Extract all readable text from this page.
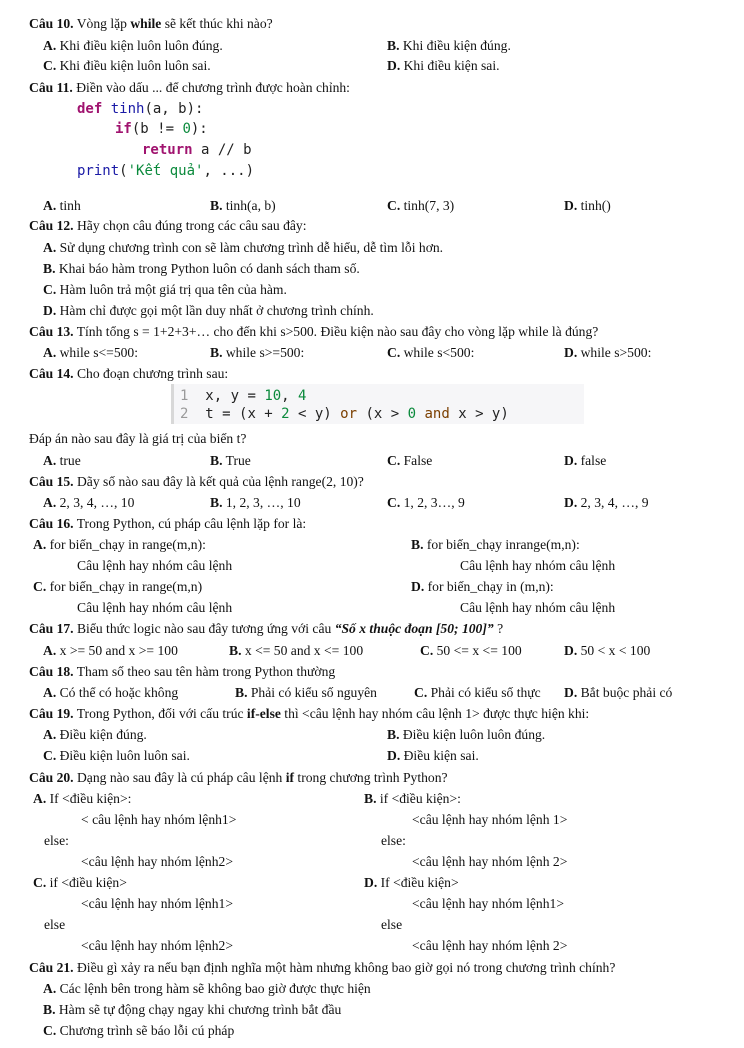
Câu 10. Vòng lặp while sẽ kết thúc khi nào?
A. Khi điều kiện luôn luôn đúng.	B. Khi điều kiện đúng.
C. Khi điều kiện luôn luôn sai.	D. Khi điều kiện sai.
Câu 11. Điền vào dấu ... để chương trình được hoàn chỉnh:
def tinh(a, b):
if(b != 0):
return a // b
print('Kết quả', ...)
A. tinh	B. tinh(a, b)	C. tinh(7, 3)	D. tinh()
Câu 12. Hãy chọn câu đúng trong các câu sau đây:
A. Sử dụng chương trình con sẽ làm chương trình dễ hiểu, dễ tìm lỗi hơn.
B. Khai báo hàm trong Python luôn có danh sách tham số.
C. Hàm luôn trả một giá trị qua tên của hàm.
D. Hàm chỉ được gọi một lần duy nhất ở chương trình chính.
Câu 13. Tính tổng s = 1+2+3+… cho đến khi s>500. Điều kiện nào sau đây cho vòng lặp while là đúng?
A. while s<=500:	B. while s>=500:	C. while s<500:	D. while s>500:
Câu 14. Cho đoạn chương trình sau:
1  x, y = 10, 4
2  t = (x + 2 < y) or (x > 0 and x > y)
Đáp án nào sau đây là giá trị của biến t?
A. true	B. True	C. False	D. false
Câu 15. Dãy số nào sau đây là kết quả của lệnh range(2, 10)?
A. 2, 3, 4, …, 10	B. 1, 2, 3, …, 10	C. 1, 2, 3…, 9	D. 2, 3, 4, …, 9
Câu 16. Trong Python, cú pháp câu lệnh lặp for là:
A. for biến_chạy in range(m,n):	B. for biến_chạy inrange(m,n):
Câu lệnh hay nhóm câu lệnh	Câu lệnh hay nhóm câu lệnh
C. for biến_chạy in range(m,n)	D. for biến_chạy in (m,n):
Câu lệnh hay nhóm câu lệnh	Câu lệnh hay nhóm câu lệnh
Câu 17. Biểu thức logic nào sau đây tương ứng với câu “Số x thuộc đoạn [50; 100]” ?
A. x >= 50 and x >= 100	B. x <= 50 and x <= 100	C. 50 <= x <= 100	D. 50 < x < 100
Câu 18. Tham số theo sau tên hàm trong Python thường
A. Có thể có hoặc không	B. Phải có kiểu số nguyên	C. Phải có kiểu số thực D. Bắt buộc phải có
Câu 19. Trong Python, đối với cấu trúc if-else thì <câu lệnh hay nhóm câu lệnh 1> được thực hiện khi:
A. Điều kiện đúng.	B. Điều kiện luôn luôn đúng.
C. Điều kiện luôn luôn sai.	D. Điều kiện sai.
Câu 20. Dạng nào sau đây là cú pháp câu lệnh if trong chương trình Python?
A. If <điều kiện>:	B. if <điều kiện>:
< câu lệnh hay nhóm lệnh1>	<câu lệnh hay nhóm lệnh 1>
else:	else:
<câu lệnh hay nhóm lệnh2>	<câu lệnh hay nhóm lệnh 2>
C. if <điều kiện>	D. If <điều kiện>
<câu lệnh hay nhóm lệnh1>	<câu lệnh hay nhóm lệnh1>
else	else
<câu lệnh hay nhóm lệnh2>	<câu lệnh hay nhóm lệnh 2>
Câu 21. Điều gì xảy ra nếu bạn định nghĩa một hàm nhưng không bao giờ gọi nó trong chương trình chính?
A. Các lệnh bên trong hàm sẽ không bao giờ được thực hiện
B. Hàm sẽ tự động chạy ngay khi chương trình bắt đầu
C. Chương trình sẽ báo lỗi cú pháp
